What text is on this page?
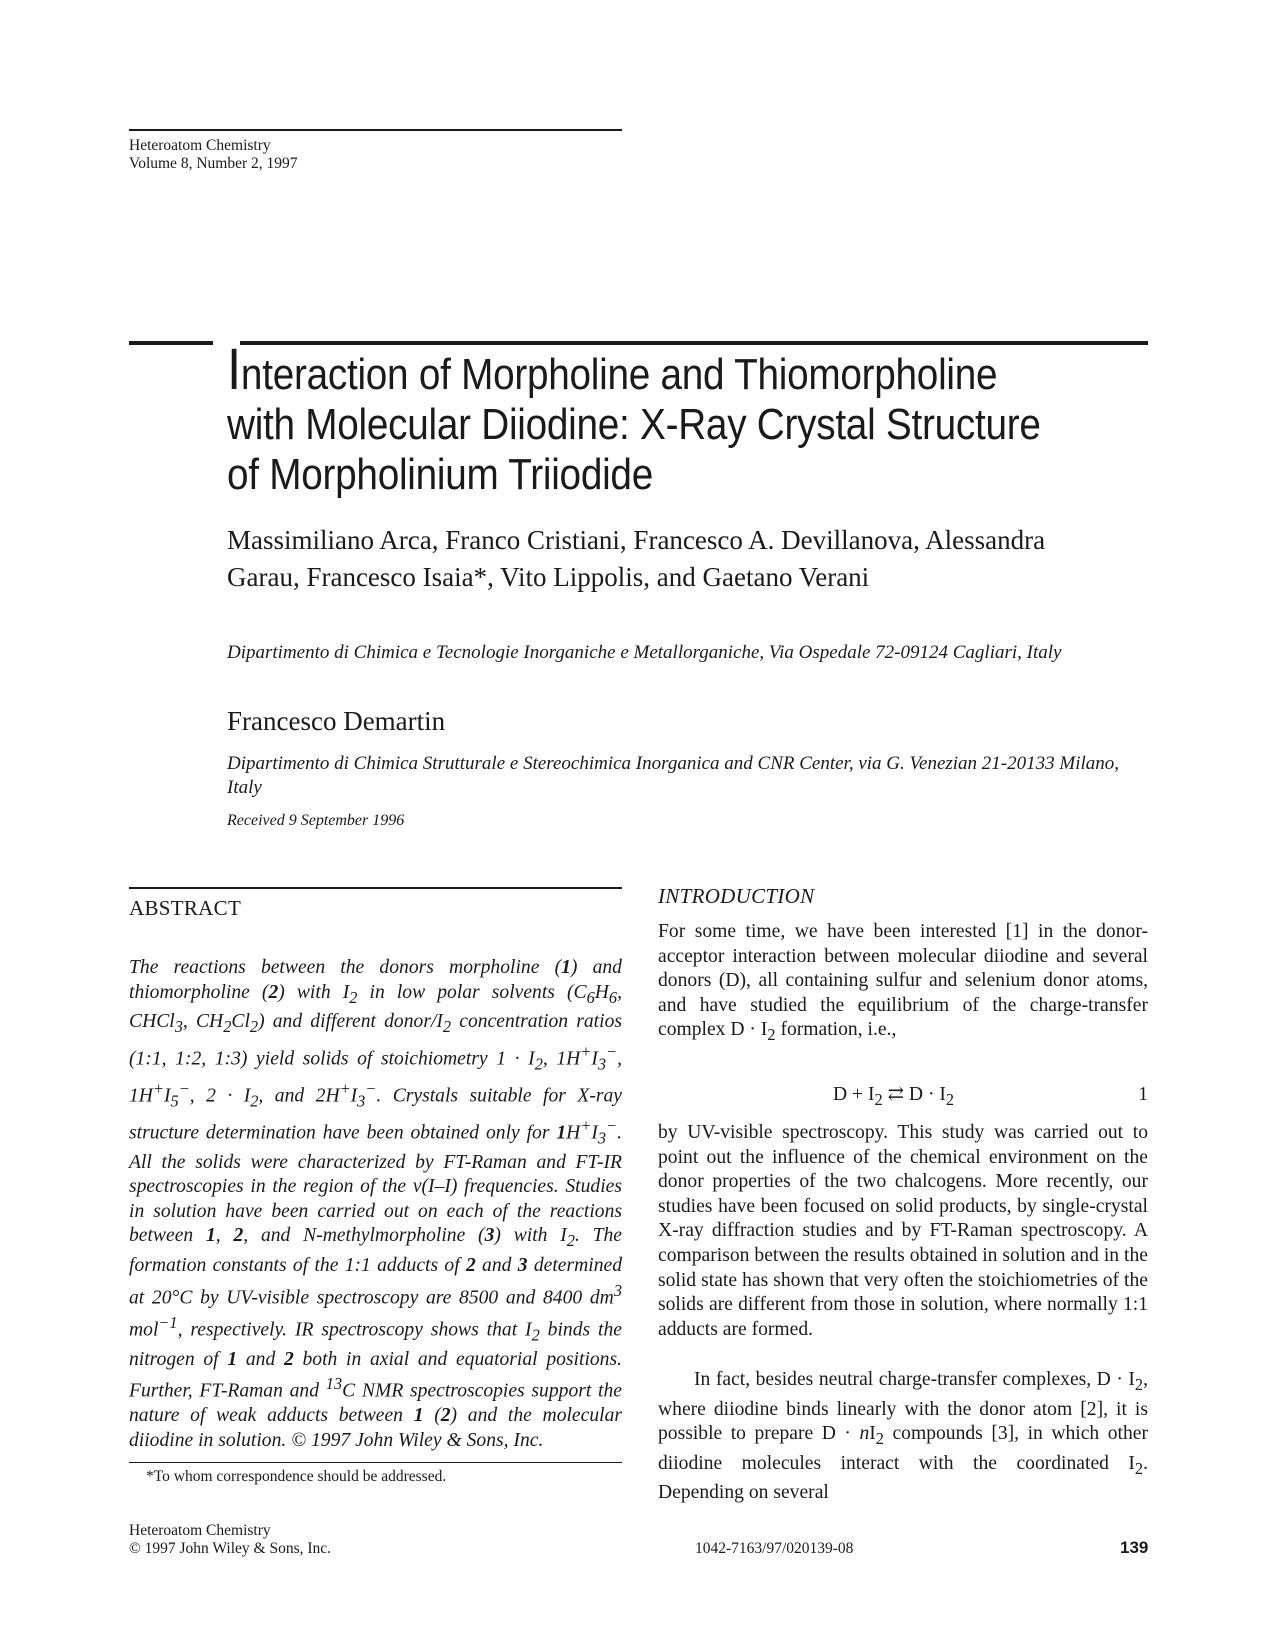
Heteroatom Chemistry
Volume 8, Number 2, 1997
Interaction of Morpholine and Thiomorpholine with Molecular Diiodine: X-Ray Crystal Structure of Morpholinium Triiodide
Massimiliano Arca, Franco Cristiani, Francesco A. Devillanova, Alessandra Garau, Francesco Isaia*, Vito Lippolis, and Gaetano Verani
Dipartimento di Chimica e Tecnologie Inorganiche e Metallorganiche, Via Ospedale 72-09124 Cagliari, Italy
Francesco Demartin
Dipartimento di Chimica Strutturale e Stereochimica Inorganica and CNR Center, via G. Venezian 21-20133 Milano, Italy
Received 9 September 1996
ABSTRACT
The reactions between the donors morpholine (1) and thiomorpholine (2) with $I_2$ in low polar solvents ($C_6H_6$, CHCl$_3$, $CH_2Cl_2$) and different donor/$I_2$ concentration ratios (1:1, 1:2, 1:3) yield solids of stoichiometry $1 \cdot I_2$, $1H^+I_3^-$, $1H^+I_5^-$, $2 \cdot I_2$, and $2H^+I_3^-$. Crystals suitable for X-ray structure determination have been obtained only for $1H^+I_3^-$. All the solids were characterized by FT-Raman and FT-IR spectroscopies in the region of the ν(I–I) frequencies. Studies in solution have been carried out on each of the reactions between 1, 2, and N-methylmorpholine (3) with $I_2$. The formation constants of the 1:1 adducts of 2 and 3 determined at 20°C by UV-visible spectroscopy are 8500 and 8400 $dm^3$ mol$^{-1}$, respectively. IR spectroscopy shows that $I_2$ binds the nitrogen of 1 and 2 both in axial and equatorial positions. Further, FT-Raman and $^{13}$C NMR spectroscopies support the nature of weak adducts between 1 (2) and the molecular diiodine in solution. © 1997 John Wiley & Sons, Inc.
*To whom correspondence should be addressed.
INTRODUCTION
For some time, we have been interested [1] in the donor-acceptor interaction between molecular diiodine and several donors (D), all containing sulfur and selenium donor atoms, and have studied the equilibrium of the charge-transfer complex $D \cdot I_2$ formation, i.e.,
$D + I_2$ ⇄ $D \cdot I_2$	1
by UV-visible spectroscopy. This study was carried out to point out the influence of the chemical environment on the donor properties of the two chalcogens. More recently, our studies have been focused on solid products, by single-crystal X-ray diffraction studies and by FT-Raman spectroscopy. A comparison between the results obtained in solution and in the solid state has shown that very often the stoichiometries of the solids are different from those in solution, where normally 1:1 adducts are formed.
In fact, besides neutral charge-transfer complexes, $D \cdot I_2$, where diiodine binds linearly with the donor atom [2], it is possible to prepare $D \cdot nI_2$ compounds [3], in which other diiodine molecules interact with the coordinated $I_2$. Depending on several
Heteroatom Chemistry
© 1997 John Wiley & Sons, Inc.	1042-7163/97/020139-08	139
